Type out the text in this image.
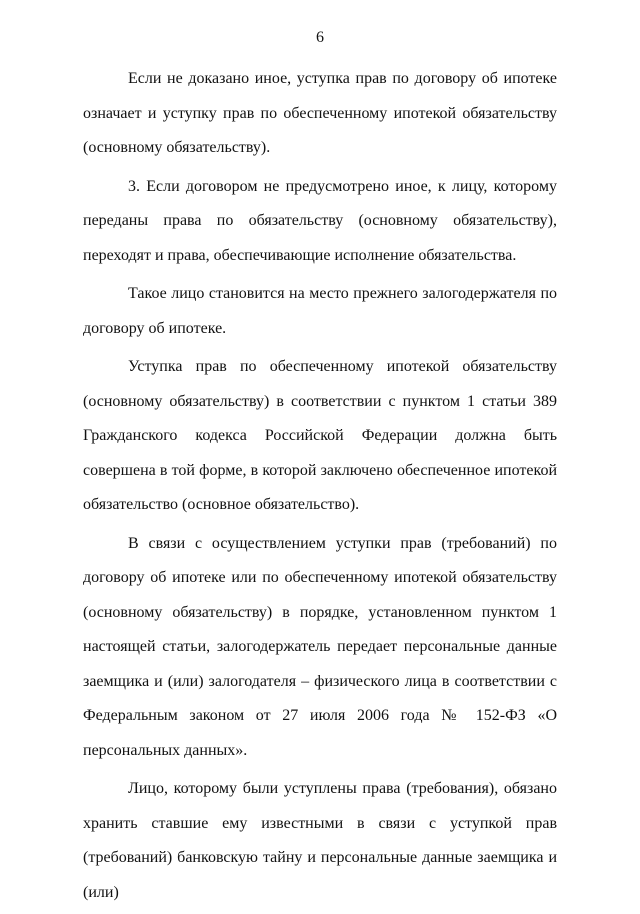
6

Если не доказано иное, уступка прав по договору об ипотеке означает и уступку прав по обеспеченному ипотекой обязательству (основному обязательству).

3. Если договором не предусмотрено иное, к лицу, которому переданы права по обязательству (основному обязательству), переходят и права, обеспечивающие исполнение обязательства.

Такое лицо становится на место прежнего залогодержателя по договору об ипотеке.

Уступка прав по обеспеченному ипотекой обязательству (основному обязательству) в соответствии с пунктом 1 статьи 389 Гражданского кодекса Российской Федерации должна быть совершена в той форме, в которой заключено обеспеченное ипотекой обязательство (основное обязательство).

В связи с осуществлением уступки прав (требований) по договору об ипотеке или по обеспеченному ипотекой обязательству (основному обязательству) в порядке, установленном пунктом 1 настоящей статьи, залогодержатель передает персональные данные заемщика и (или) залогодателя – физического лица в соответствии с Федеральным законом от 27 июля 2006 года № 152-ФЗ «О персональных данных».

Лицо, которому были уступлены права (требования), обязано хранить ставшие ему известными в связи с уступкой прав (требований) банковскую тайну и персональные данные заемщика и (или)
